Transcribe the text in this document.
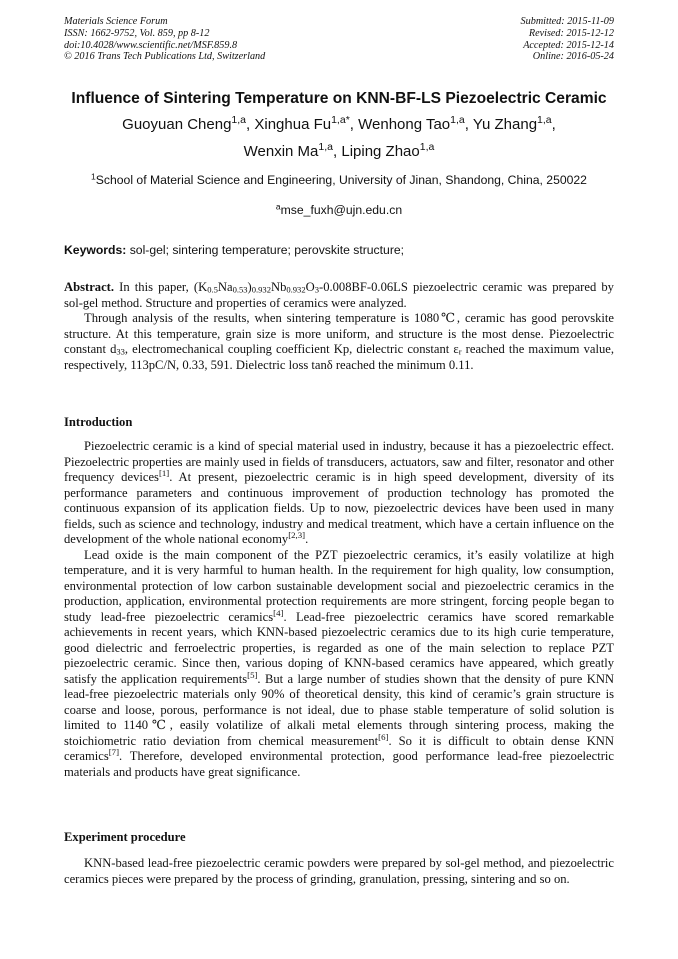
Materials Science Forum
ISSN: 1662-9752, Vol. 859, pp 8-12
doi:10.4028/www.scientific.net/MSF.859.8
© 2016 Trans Tech Publications Ltd, Switzerland
Submitted: 2015-11-09
Revised: 2015-12-12
Accepted: 2015-12-14
Online: 2016-05-24
Influence of Sintering Temperature on KNN-BF-LS Piezoelectric Ceramic
Guoyuan Cheng$^{1,a}$, Xinghua $Fu^{1,a*}$, Wenhong Tao$^{1,a}$, Yu Zhang$^{1,a}$,
Wenxin Ma$^{1,a}$, Liping Zhao$^{1,a}$
$^1$School of Material Science and Engineering, University of Jinan, Shandong, China, 250022
$^a$mse_fuxh@ujn.edu.cn
Keywords: sol-gel; sintering temperature; perovskite structure;

Abstract. In this paper, $(K_{0.5}Na_{0.53})_{0.932}Nb_{0.932}O_3-0.008BF-0.06LS$ piezoelectric ceramic was prepared by sol-gel method. Structure and properties of ceramics were analyzed.

Through analysis of the results, when sintering temperature is 1080℃, ceramic has good perovskite structure. At this temperature, grain size is more uniform, and structure is the most dense. Piezoelectric constant $d_{33}$, electromechanical coupling coefficient Kp, dielectric constant $\varepsilon_r$ reached the maximum value, respectively, 113pC/N, 0.33, 591. Dielectric loss tanδ reached the minimum 0.11.

Introduction

Piezoelectric ceramic is a kind of special material used in industry, because it has a piezoelectric effect. Piezoelectric properties are mainly used in fields of transducers, actuators, saw and filter, resonator and other frequency devices[1]. At present, piezoelectric ceramic is in high speed development, diversity of its performance parameters and continuous improvement of production technology has promoted the continuous expansion of its application fields. Up to now, piezoelectric devices have been used in many fields, such as science and technology, industry and medical treatment, which have a certain influence on the development of the whole national economy[2,3].

Lead oxide is the main component of the PZT piezoelectric ceramics, it’s easily volatilize at high temperature, and it is very harmful to human health. In the requirement for high quality, low consumption, environmental protection of low carbon sustainable development social and piezoelectric ceramics in the production, application, environmental protection requirements are more stringent, forcing people began to study lead-free piezoelectric ceramics[4]. Lead-free piezoelectric ceramics have scored remarkable achievements in recent years, which KNN-based piezoelectric ceramics due to its high curie temperature, good dielectric and ferroelectric properties, is regarded as one of the main selection to replace PZT piezoelectric ceramic. Since then, various doping of KNN-based ceramics have appeared, which greatly satisfy the application requirements[5]. But a large number of studies shown that the density of pure KNN lead-free piezoelectric materials only 90% of theoretical density, this kind of ceramic’s grain structure is coarse and loose, porous, performance is not ideal, due to phase stable temperature of solid solution is limited to 1140℃, easily volatilize of alkali metal elements through sintering process, making the stoichiometric ratio deviation from chemical measurement[6]. So it is difficult to obtain dense KNN ceramics[7]. Therefore, developed environmental protection, good performance lead-free piezoelectric materials and products have great significance.

Experiment procedure

KNN-based lead-free piezoelectric ceramic powders were prepared by sol-gel method, and piezoelectric ceramics pieces were prepared by the process of grinding, granulation, pressing, sintering and so on.
